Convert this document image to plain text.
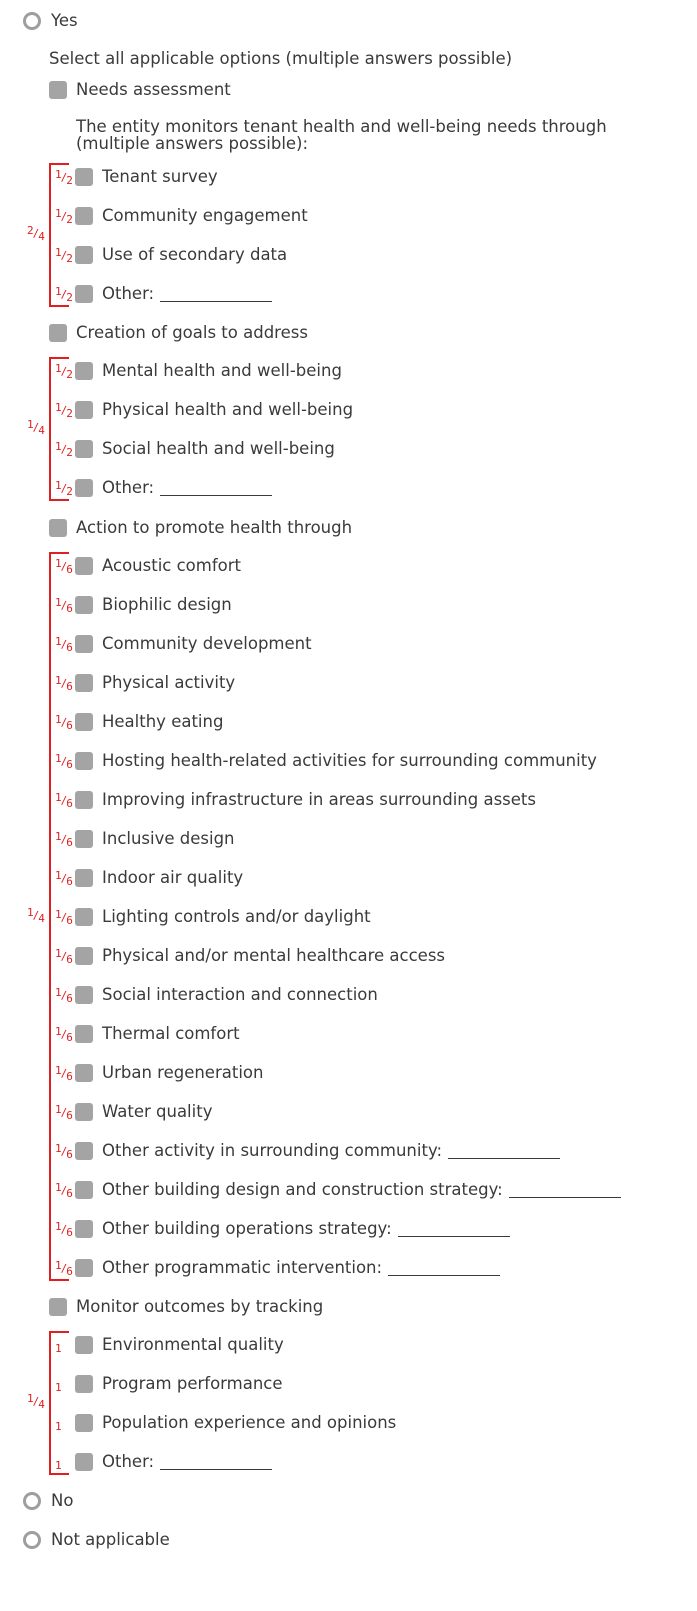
Yes
Select all applicable options (multiple answers possible)
Needs assessment
The entity monitors tenant health and well-being needs through (multiple answers possible):
2/4
1/2 Tenant survey
1/2 Community engagement
1/2 Use of secondary data
1/2 Other:
Creation of goals to address
1/4
1/2 Mental health and well-being
1/2 Physical health and well-being
1/2 Social health and well-being
1/2 Other:
Action to promote health through
1/4
1/6 Acoustic comfort
1/6 Biophilic design
1/6 Community development
1/6 Physical activity
1/6 Healthy eating
1/6 Hosting health-related activities for surrounding community
1/6 Improving infrastructure in areas surrounding assets
1/6 Inclusive design
1/6 Indoor air quality
1/6 Lighting controls and/or daylight
1/6 Physical and/or mental healthcare access
1/6 Social interaction and connection
1/6 Thermal comfort
1/6 Urban regeneration
1/6 Water quality
1/6 Other activity in surrounding community:
1/6 Other building design and construction strategy:
1/6 Other building operations strategy:
1/6 Other programmatic intervention:
Monitor outcomes by tracking
1/4
1 Environmental quality
1 Program performance
1 Population experience and opinions
1 Other:
No
Not applicable
